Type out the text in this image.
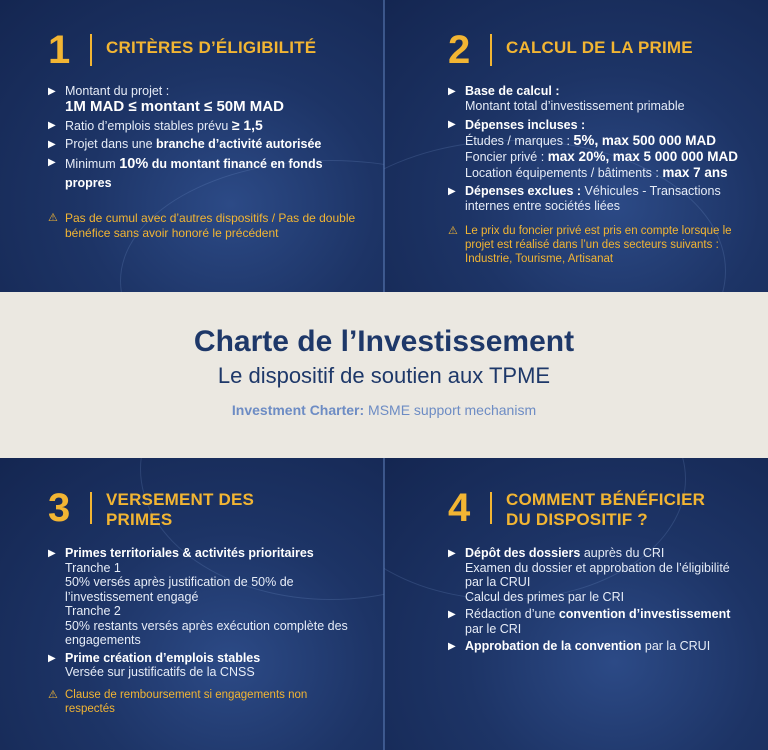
1	CRITÈRES D’ÉLIGIBILITÉ
▶ Montant du projet :
1M MAD ≤ montant ≤ 50M MAD
▶ Ratio d’emplois stables prévu ≥ 1,5
▶ Projet dans une branche d’activité autorisée
▶ Minimum 10% du montant financé en fonds propres
⚠ Pas de cumul avec d’autres dispositifs / Pas de double bénéfice sans avoir honoré le précédent
2	CALCUL DE LA PRIME
▶ Base de calcul :
Montant total d’investissement primable
▶ Dépenses incluses :
Études / marques : 5%, max 500 000 MAD
Foncier privé : max 20%, max 5 000 000 MAD
Location équipements / bâtiments : max 7 ans
▶ Dépenses exclues : Véhicules - Transactions internes entre sociétés liées
⚠ Le prix du foncier privé est pris en compte lorsque le projet est réalisé dans l’un des secteurs suivants : Industrie, Tourisme, Artisanat
Charte de l’Investissement
Le dispositif de soutien aux TPME
Investment Charter: MSME support mechanism
3	VERSEMENT DES
PRIMES
▶ Primes territoriales & activités prioritaires
Tranche 1
50% versés après justification de 50% de l’investissement engagé
Tranche 2
50% restants versés après exécution complète des engagements
▶ Prime création d’emplois stables
Versée sur justificatifs de la CNSS
⚠ Clause de remboursement si engagements non respectés
4	COMMENT BÉNÉFICIER
DU DISPOSITIF ?
▶ Dépôt des dossiers auprès du CRI
Examen du dossier et approbation de l’éligibilité par la CRUI
Calcul des primes par le CRI
▶ Rédaction d’une convention d’investissement
par le CRI
▶ Approbation de la convention par la CRUI
